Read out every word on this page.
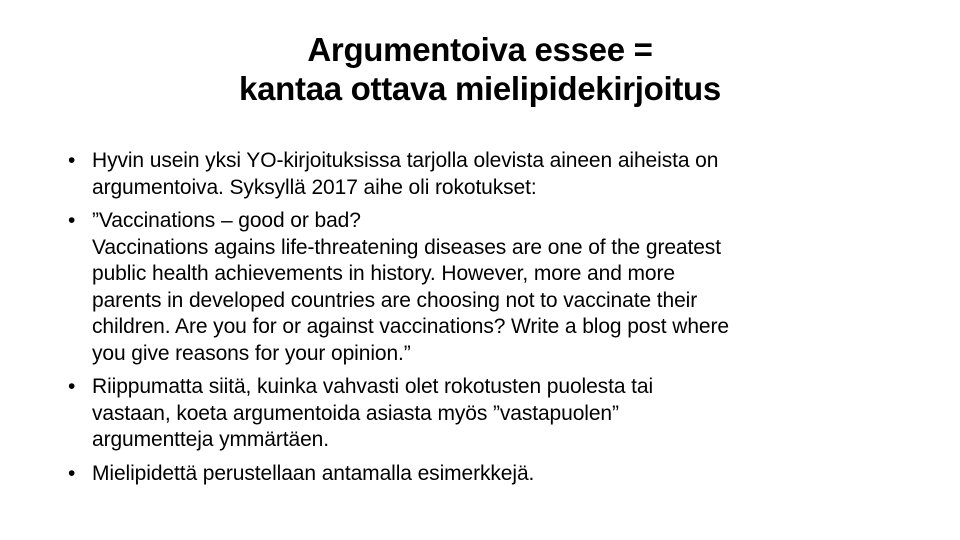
Argumentoiva essee =
kantaa ottava mielipidekirjoitus
• Hyvin usein yksi YO-kirjoituksissa tarjolla olevista aineen aiheista on
argumentoiva. Syksyllä 2017 aihe oli rokotukset:
• ”Vaccinations – good or bad?
Vaccinations agains life-threatening diseases are one of the greatest
public health achievements in history. However, more and more
parents in developed countries are choosing not to vaccinate their
children. Are you for or against vaccinations? Write a blog post where
you give reasons for your opinion.”
• Riippumatta siitä, kuinka vahvasti olet rokotusten puolesta tai
vastaan, koeta argumentoida asiasta myös ”vastapuolen”
argumentteja ymmärtäen.
• Mielipidettä perustellaan antamalla esimerkkejä.
